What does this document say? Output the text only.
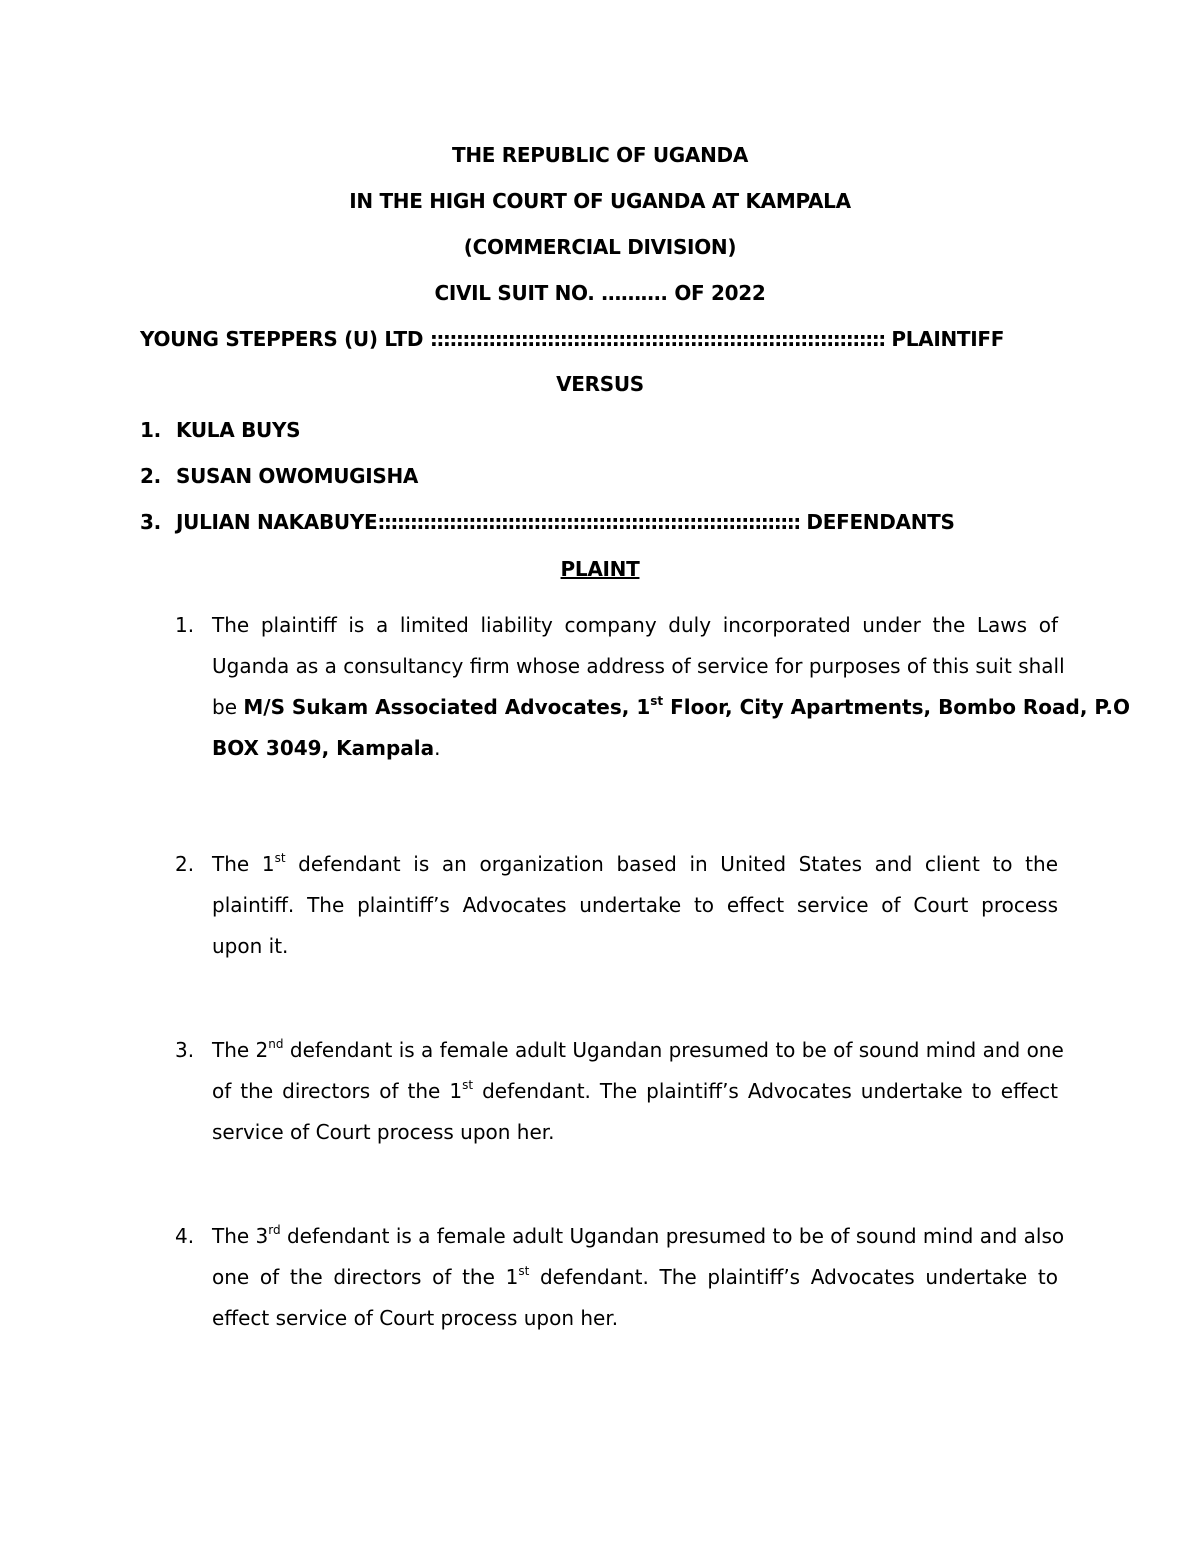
THE REPUBLIC OF UGANDA
IN THE HIGH COURT OF UGANDA AT KAMPALA
(COMMERCIAL DIVISION)
CIVIL SUIT NO. ………. OF 2022
YOUNG STEPPERS (U) LTD :::::::::::::::::::::::::::::::::::::::::::::::::::::::::::::::::::::: PLAINTIFF
VERSUS
1. KULA BUYS
2. SUSAN OWOMUGISHA
3. JULIAN NAKABUYE::::::::::::::::::::::::::::::::::::::::::::::::::::::::::::::::: DEFENDANTS
PLAINT
1. The plaintiff is a limited liability company duly incorporated under the Laws of
Uganda as a consultancy firm whose address of service for purposes of this suit shall
be M/S Sukam Associated Advocates, 1st Floor, City Apartments, Bombo Road, P.O
BOX 3049, Kampala.
2. The 1st defendant is an organization based in United States and client to the
plaintiff. The plaintiff’s Advocates undertake to effect service of Court process
upon it.
3. The 2nd defendant is a female adult Ugandan presumed to be of sound mind and one
of the directors of the 1st defendant. The plaintiff’s Advocates undertake to effect
service of Court process upon her.
4. The 3rd defendant is a female adult Ugandan presumed to be of sound mind and also
one of the directors of the 1st defendant. The plaintiff’s Advocates undertake to
effect service of Court process upon her.
